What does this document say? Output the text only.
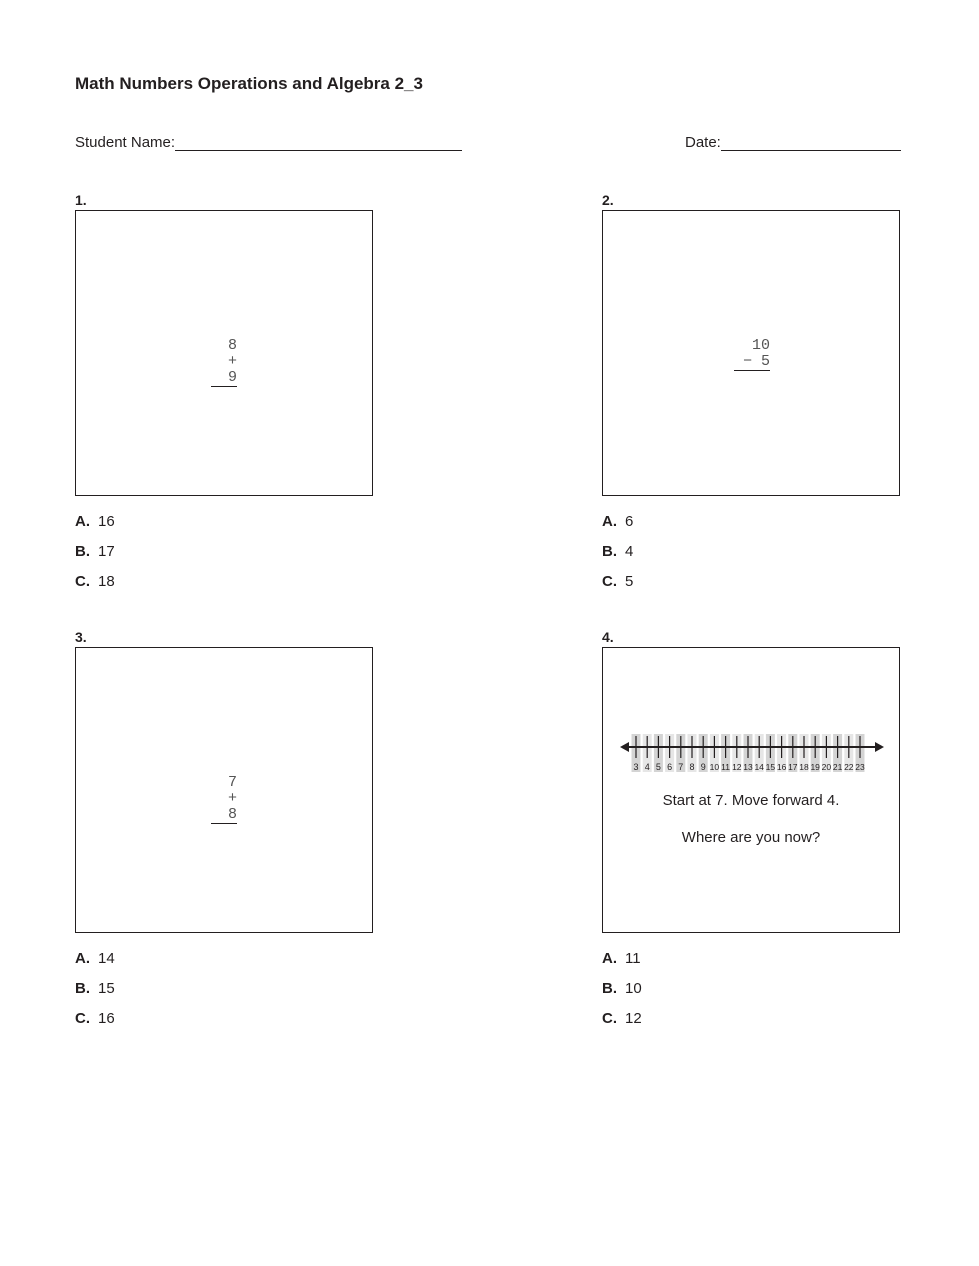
Math Numbers Operations and Algebra 2_3
Student Name:	Date:
1.
8
+ 9
A. 16
B. 17
C. 18
2.
10
− 5
A. 6
B. 4
C. 5
3.
7
+ 8
A. 14
B. 15
C. 16
4.
3 4 5 6 7 8 9 10 11 12 13 14 15 16 17 18 19 20 21 22 23
Start at 7. Move forward 4.
Where are you now?
A. 11
B. 10
C. 12
